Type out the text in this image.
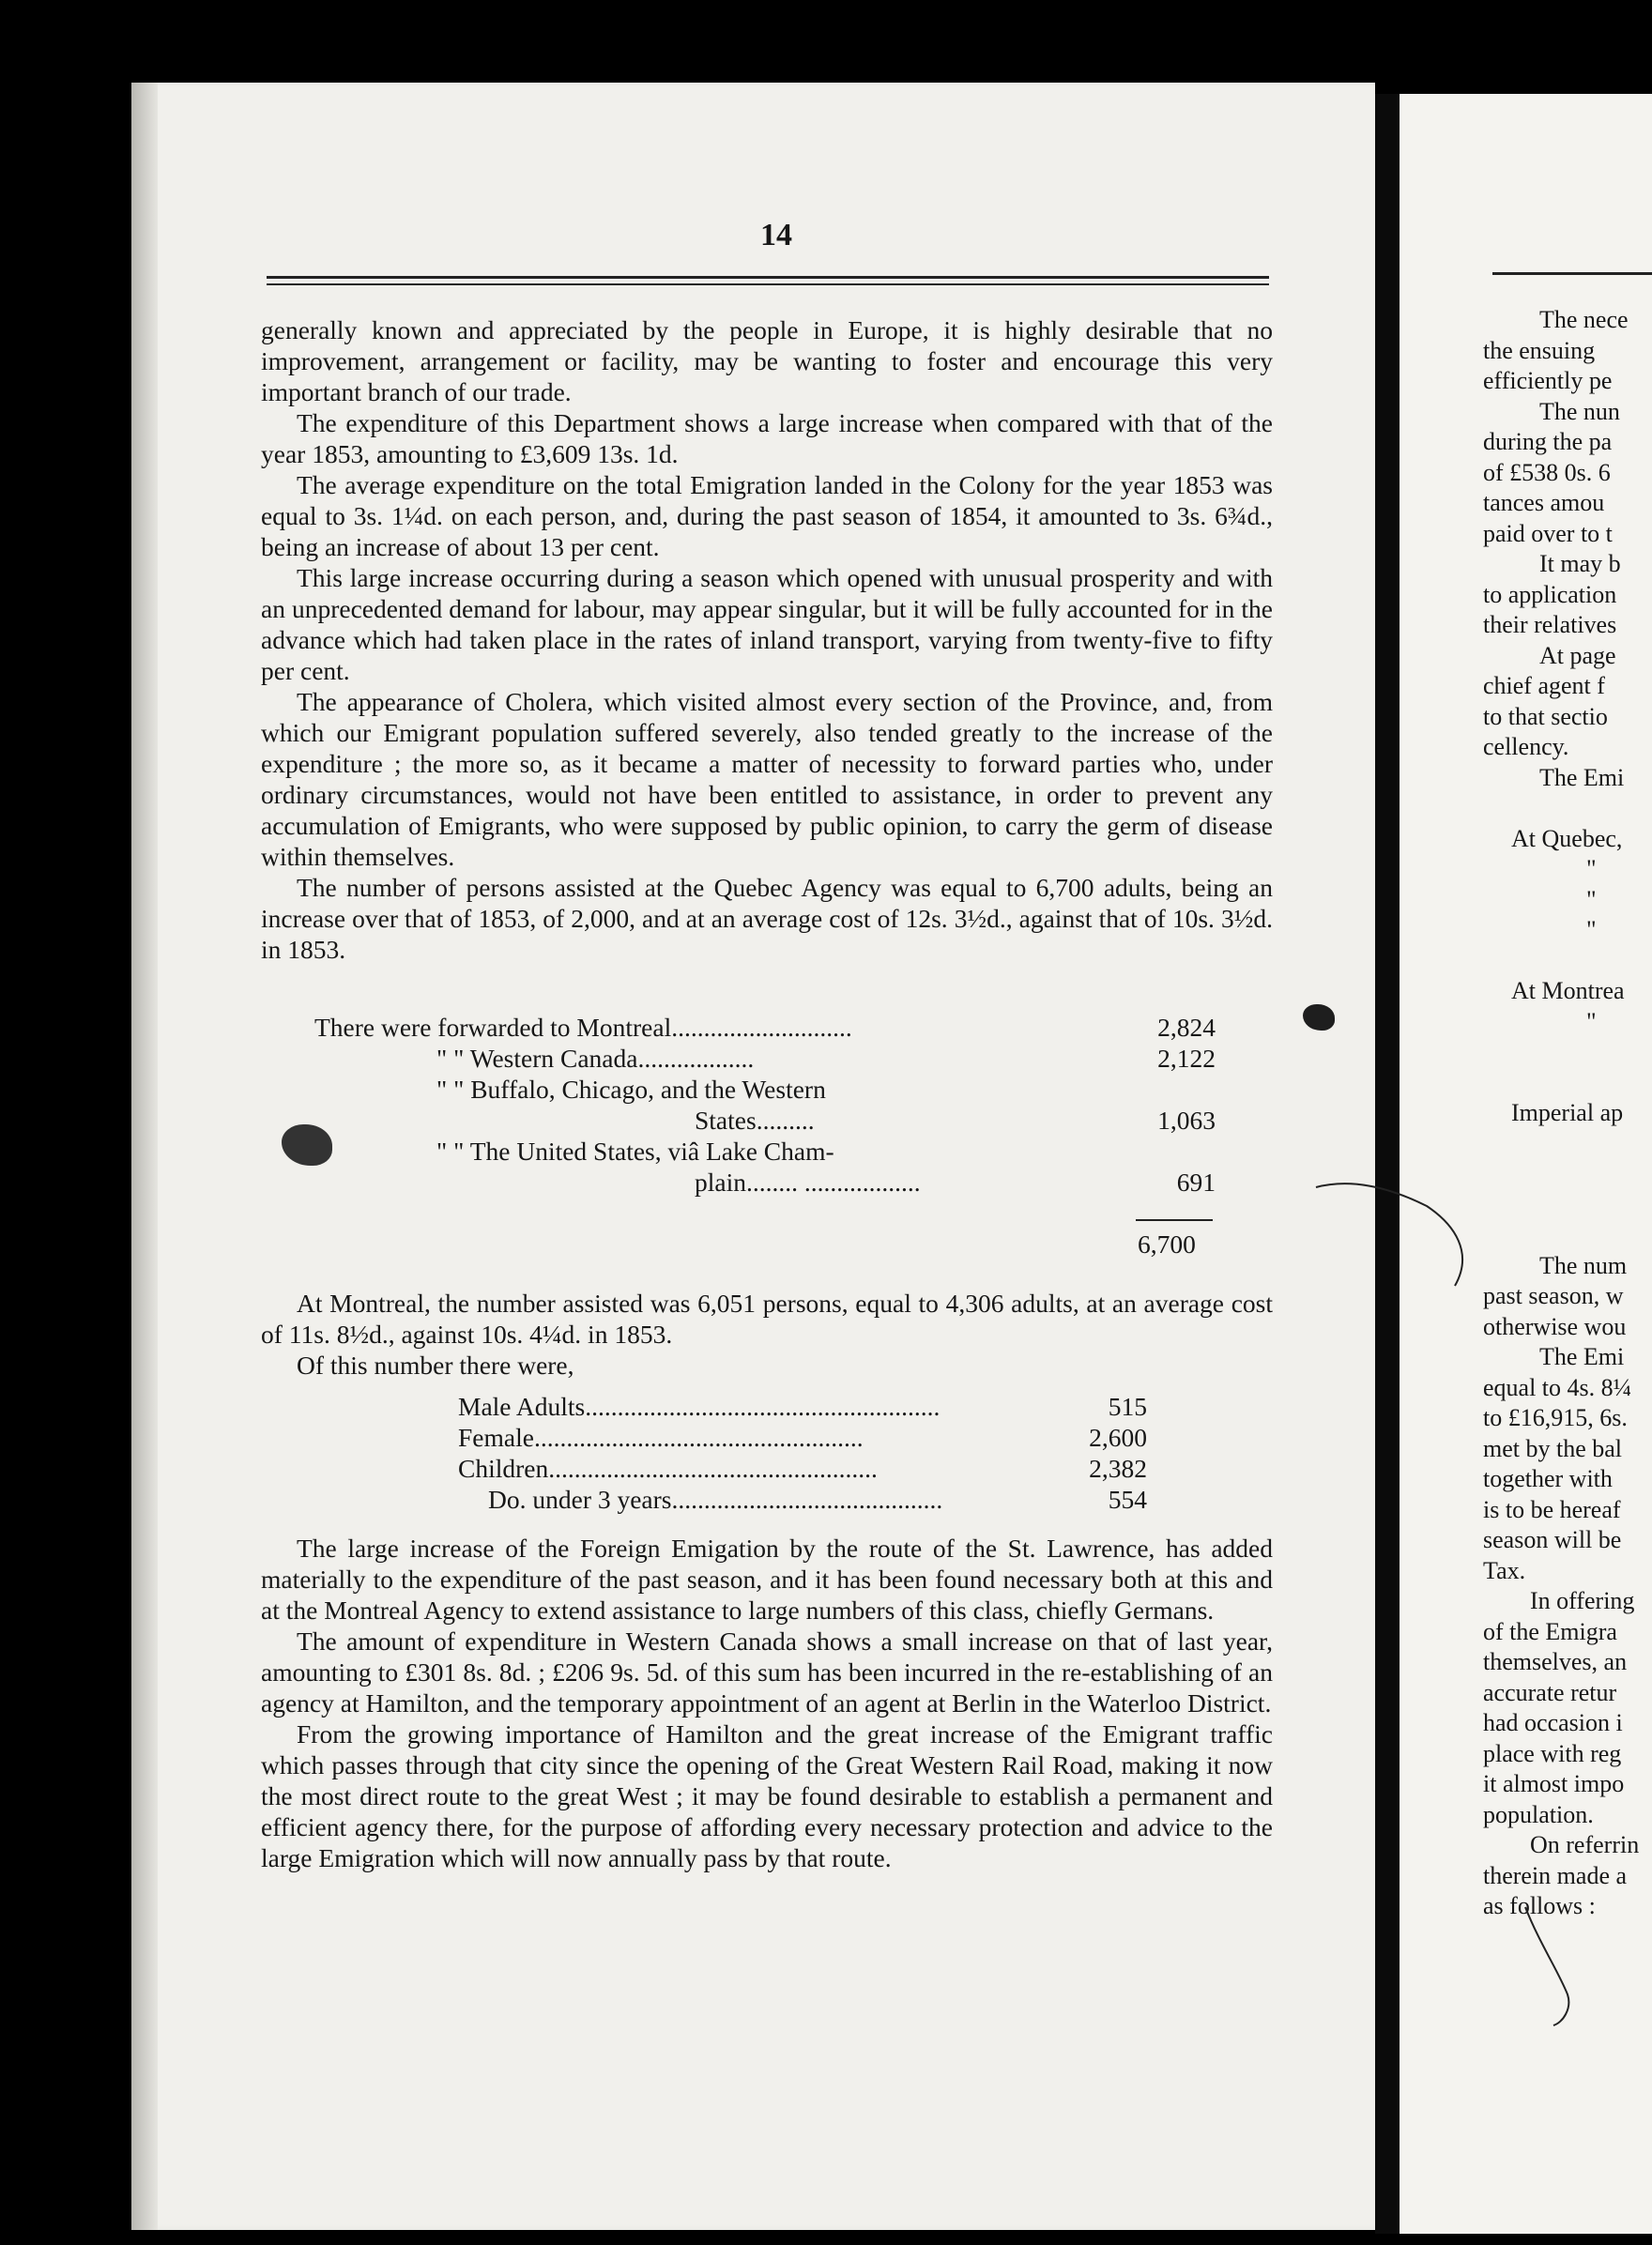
14

generally known and appreciated by the people in Europe, it is highly desirable that no improvement, arrangement or facility, may be wanting to foster and encourage this very important branch of our trade.

The expenditure of this Department shows a large increase when compared with that of the year 1853, amounting to £3,609 13s. 1d.

The average expenditure on the total Emigration landed in the Colony for the year 1853 was equal to 3s. 1¼d. on each person, and, during the past season of 1854, it amounted to 3s. 6¾d., being an increase of about 13 per cent.

This large increase occurring during a season which opened with unusual prosperity and with an unprecedented demand for labour, may appear singular, but it will be fully accounted for in the advance which had taken place in the rates of inland transport, varying from twenty-five to fifty per cent.

The appearance of Cholera, which visited almost every section of the Province, and, from which our Emigrant population suffered severely, also tended greatly to the increase of the expenditure ; the more so, as it became a matter of necessity to forward parties who, under ordinary circumstances, would not have been entitled to assistance, in order to prevent any accumulation of Emigrants, who were supposed by public opinion, to carry the germ of disease within themselves.

The number of persons assisted at the Quebec Agency was equal to 6,700 adults, being an increase over that of 1853, of 2,000, and at an average cost of 12s. 3½d., against that of 10s. 3½d. in 1853.

There were forwarded to Montreal............................	2,824
" " Western Canada..................	2,122
" " Buffalo, Chicago, and the Western
States.........	1,063
" " The United States, viâ Lake Cham-
plain........ ..................	691
6,700

At Montreal, the number assisted was 6,051 persons, equal to 4,306 adults, at an average cost of 11s. 8½d., against 10s. 4¼d. in 1853.

Of this number there were,

Male Adults.......................................................	515
Female...................................................	2,600
Children...................................................	2,382
Do. under 3 years..........................................	554

The large increase of the Foreign Emigation by the route of the St. Lawrence, has added materially to the expenditure of the past season, and it has been found necessary both at this and at the Montreal Agency to extend assistance to large numbers of this class, chiefly Germans.

The amount of expenditure in Western Canada shows a small increase on that of last year, amounting to £301 8s. 8d. ; £206 9s. 5d. of this sum has been incurred in the re-establishing of an agency at Hamilton, and the temporary appointment of an agent at Berlin in the Waterloo District.

From the growing importance of Hamilton and the great increase of the Emigrant traffic which passes through that city since the opening of the Great Western Rail Road, making it now the most direct route to the great West ; it may be found desirable to establish a permanent and efficient agency there, for the purpose of affording every necessary protection and advice to the large Emigration which will now annually pass by that route.

The nece
the ensuing
efficiently pe
The nun
during the pa
of £538 0s. 6
tances amou
paid over to t
It may b
to application
their relatives
At page
chief agent f
to that sectio
cellency.
The Emi
At Quebec,
"
"
"
At Montrea
"
Imperial ap
The num
past season, w
otherwise wou
The Emi
equal to 4s. 8¼
to £16,915, 6s.
met by the bal
together with
is to be hereaf
season will be
Tax.
In offering
of the Emigra
themselves, an
accurate retur
had occasion i
place with reg
it almost impo
population.
On referrin
therein made a
as follows :
